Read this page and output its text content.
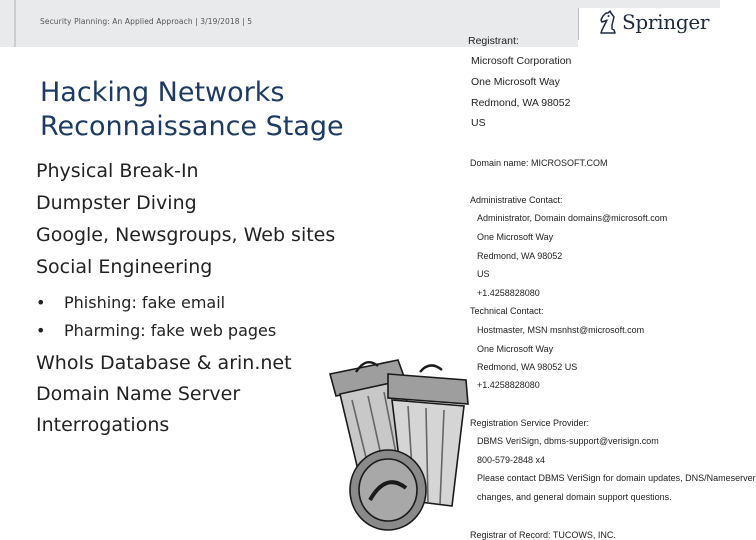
Security Planning: An Applied Approach | 3/19/2018 | 5	Springer
Hacking Networks
Reconnaissance Stage
Physical Break-In
Dumpster Diving
Google, Newsgroups, Web sites
Social Engineering
• Phishing: fake email
• Pharming: fake web pages
WhoIs Database & arin.net
Domain Name Server
Interrogations
Registrant:
Microsoft Corporation
One Microsoft Way
Redmond, WA 98052
US
Domain name: MICROSOFT.COM
Administrative Contact:
Administrator, Domain domains@microsoft.com
One Microsoft Way
Redmond, WA 98052
US
+1.4258828080
Technical Contact:
Hostmaster, MSN msnhst@microsoft.com
One Microsoft Way
Redmond, WA 98052 US
+1.4258828080
Registration Service Provider:
DBMS VeriSign, dbms-support@verisign.com
800-579-2848 x4
Please contact DBMS VeriSign for domain updates, DNS/Nameserver
changes, and general domain support questions.
Registrar of Record: TUCOWS, INC.
